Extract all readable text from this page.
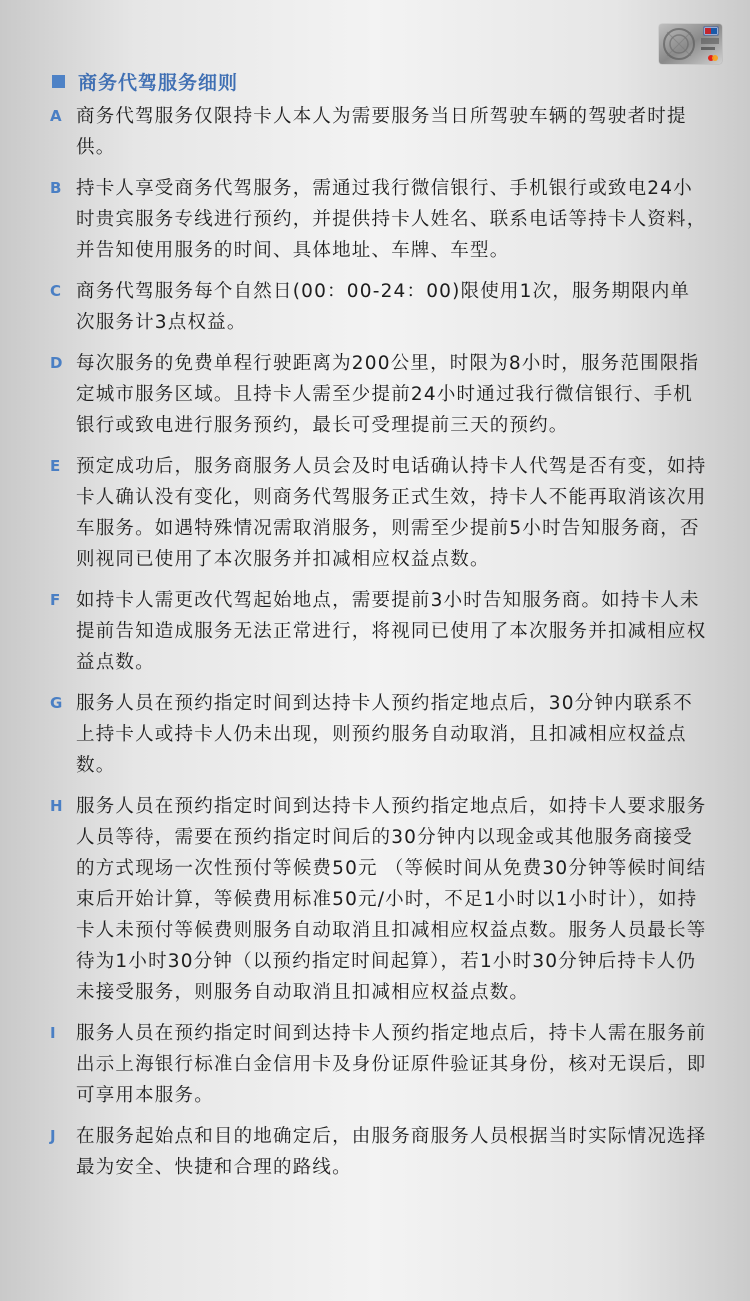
商务代驾服务细则
A 商务代驾服务仅限持卡人本人为需要服务当日所驾驶车辆的驾驶者时提供。
B 持卡人享受商务代驾服务，需通过我行微信银行、手机银行或致电24小时贵宾服务专线进行预约，并提供持卡人姓名、联系电话等持卡人资料，并告知使用服务的时间、具体地址、车牌、车型。
C 商务代驾服务每个自然日(00：00-24：00)限使用1次，服务期限内单次服务计3点权益。
D 每次服务的免费单程行驶距离为200公里，时限为8小时，服务范围限指定城市服务区域。且持卡人需至少提前24小时通过我行微信银行、手机银行或致电进行服务预约，最长可受理提前三天的预约。
E 预定成功后，服务商服务人员会及时电话确认持卡人代驾是否有变，如持卡人确认没有变化，则商务代驾服务正式生效，持卡人不能再取消该次用车服务。如遇特殊情况需取消服务，则需至少提前5小时告知服务商，否则视同已使用了本次服务并扣减相应权益点数。
F 如持卡人需更改代驾起始地点，需要提前3小时告知服务商。如持卡人未提前告知造成服务无法正常进行，将视同已使用了本次服务并扣减相应权益点数。
G 服务人员在预约指定时间到达持卡人预约指定地点后，30分钟内联系不上持卡人或持卡人仍未出现，则预约服务自动取消，且扣减相应权益点数。
H 服务人员在预约指定时间到达持卡人预约指定地点后，如持卡人要求服务人员等待，需要在预约指定时间后的30分钟内以现金或其他服务商接受的方式现场一次性预付等候费50元 （等候时间从免费30分钟等候时间结束后开始计算，等候费用标准50元/小时，不足1小时以1小时计），如持卡人未预付等候费则服务自动取消且扣减相应权益点数。服务人员最长等待为1小时30分钟（以预约指定时间起算），若1小时30分钟后持卡人仍未接受服务，则服务自动取消且扣减相应权益点数。
I	服务人员在预约指定时间到达持卡人预约指定地点后，持卡人需在服务前出示上海银行标准白金信用卡及身份证原件验证其身份，核对无误后，即可享用本服务。
J	在服务起始点和目的地确定后，由服务商服务人员根据当时实际情况选择最为安全、快捷和合理的路线。
